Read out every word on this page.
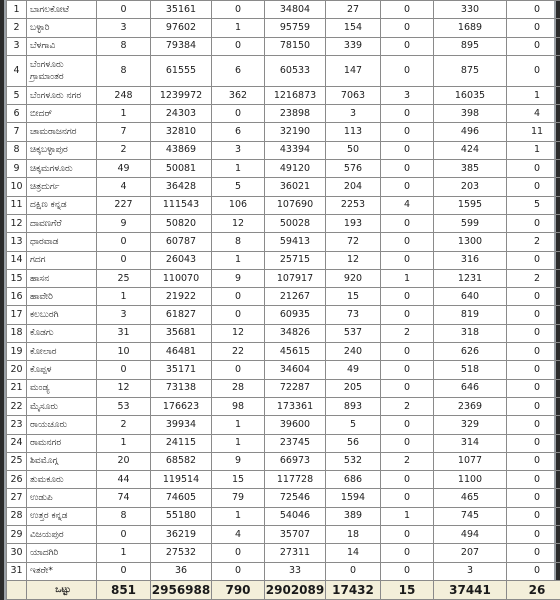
1	ಬಾಗಲಕೋಟೆ	0	35161	0	34804	27	0	330	0
2	ಬಳ್ಳಾರಿ	3	97602	1	95759	154	0	1689	0
3	ಬೆಳಗಾವಿ	8	79384	0	78150	339	0	895	0
4	ಬೆಂಗಳೂರು ಗ್ರಾಮಾಂತರ	8	61555	6	60533	147	0	875	0
5	ಬೆಂಗಳೂರು ನಗರ	248	1239972	362	1216873	7063	3	16035	1
6	ಬೀದರ್	1	24303	0	23898	3	0	398	4
7	ಚಾಮರಾಜನಗರ	7	32810	6	32190	113	0	496	11
8	ಚಿಕ್ಕಬಳ್ಳಾಪುರ	2	43869	3	43394	50	0	424	1
9	ಚಿಕ್ಕಮಗಳೂರು	49	50081	1	49120	576	0	385	0
10	ಚಿತ್ರದುರ್ಗ	4	36428	5	36021	204	0	203	0
11	ದಕ್ಷಿಣ ಕನ್ನಡ	227	111543	106	107690	2253	4	1595	5
12	ದಾವಣಗೆರೆ	9	50820	12	50028	193	0	599	0
13	ಧಾರವಾಡ	0	60787	8	59413	72	0	1300	2
14	ಗದಗ	0	26043	1	25715	12	0	316	0
15	ಹಾಸನ	25	110070	9	107917	920	1	1231	2
16	ಹಾವೇರಿ	1	21922	0	21267	15	0	640	0
17	ಕಲಬುರಗಿ	3	61827	0	60935	73	0	819	0
18	ಕೊಡಗು	31	35681	12	34826	537	2	318	0
19	ಕೋಲಾರ	10	46481	22	45615	240	0	626	0
20	ಕೊಪ್ಪಳ	0	35171	0	34604	49	0	518	0
21	ಮಂಡ್ಯ	12	73138	28	72287	205	0	646	0
22	ಮೈಸೂರು	53	176623	98	173361	893	2	2369	0
23	ರಾಯಚೂರು	2	39934	1	39600	5	0	329	0
24	ರಾಮನಗರ	1	24115	1	23745	56	0	314	0
25	ಶಿವಮೊಗ್ಗ	20	68582	9	66973	532	2	1077	0
26	ತುಮಕೂರು	44	119514	15	117728	686	0	1100	0
27	ಉಡುಪಿ	74	74605	79	72546	1594	0	465	0
28	ಉತ್ತರ ಕನ್ನಡ	8	55180	1	54046	389	1	745	0
29	ವಿಜಯಪುರ	0	36219	4	35707	18	0	494	0
30	ಯಾದಗಿರಿ	1	27532	0	27311	14	0	207	0
31	ಇತರೇ*	0	36	0	33	0	0	3	0
	ಒಟ್ಟು	851	2956988	790	2902089	17432	15	37441	26
